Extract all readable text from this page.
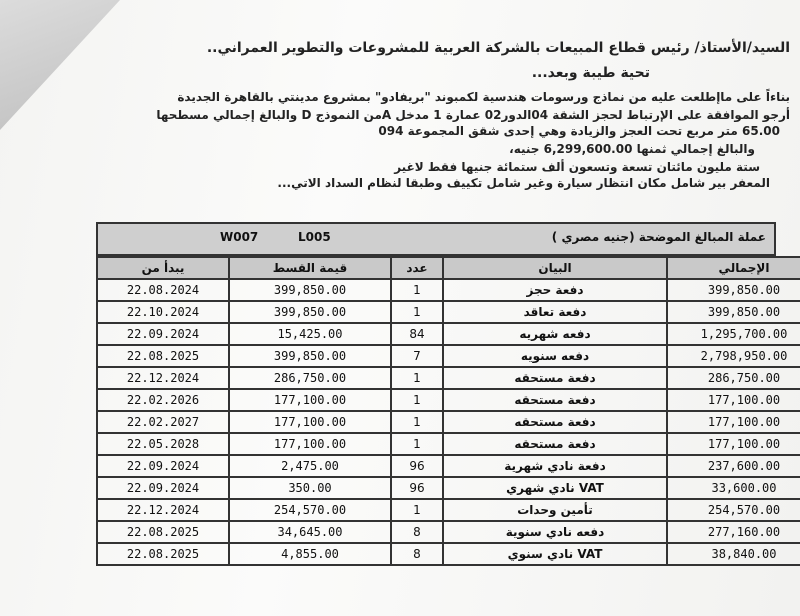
السيد/الأستاذ/ رئيس قطاع المبيعات بالشركة العربية للمشروعات والتطوير العمراني..
تحية طيبة وبعد...
بناءاً على ماإطلعت عليه من نماذج ورسومات هندسية لكمبوند "بريفادو" بمشروع مدينتي بالقاهرة الجديدة
أرجو الموافقة على الإرتباط لحجز الشقة 04الدور02 عمارة 1 مدخل Aمن النموذج D والبالغ إجمالي مسطحها
65.00 متر مربع تحت العجز والزيادة وهي إحدى شقق المجموعة 094
والبالغ إجمالي ثمنها 6,299,600.00 جنيه،
ستة مليون مائتان تسعة وتسعون ألف ستمائة جنيها فقط لاغير
المعفر بير شامل مكان انتظار سيارة وغير شامل تكييف وطبقا لنظام السداد الاتي...
W007	L005	عملة المبالغ الموضحة (جنيه مصري )
يبدأ من	قيمة القسط	عدد	البيان	الإجمالي
22.08.2024	399,850.00	1	دفعة حجز	399,850.00
22.10.2024	399,850.00	1	دفعة تعاقد	399,850.00
22.09.2024	15,425.00	84	دفعه شهريه	1,295,700.00
22.08.2025	399,850.00	7	دفعه سنويه	2,798,950.00
22.12.2024	286,750.00	1	دفعة مستحقه	286,750.00
22.02.2026	177,100.00	1	دفعة مستحقه	177,100.00
22.02.2027	177,100.00	1	دفعة مستحقه	177,100.00
22.05.2028	177,100.00	1	دفعة مستحقه	177,100.00
22.09.2024	2,475.00	96	دفعة نادي شهرية	237,600.00
22.09.2024	350.00	96	VAT نادي شهري	33,600.00
22.12.2024	254,570.00	1	تأمين وحدات	254,570.00
22.08.2025	34,645.00	8	دفعه نادي سنوية	277,160.00
22.08.2025	4,855.00	8	VAT نادي سنوي	38,840.00
